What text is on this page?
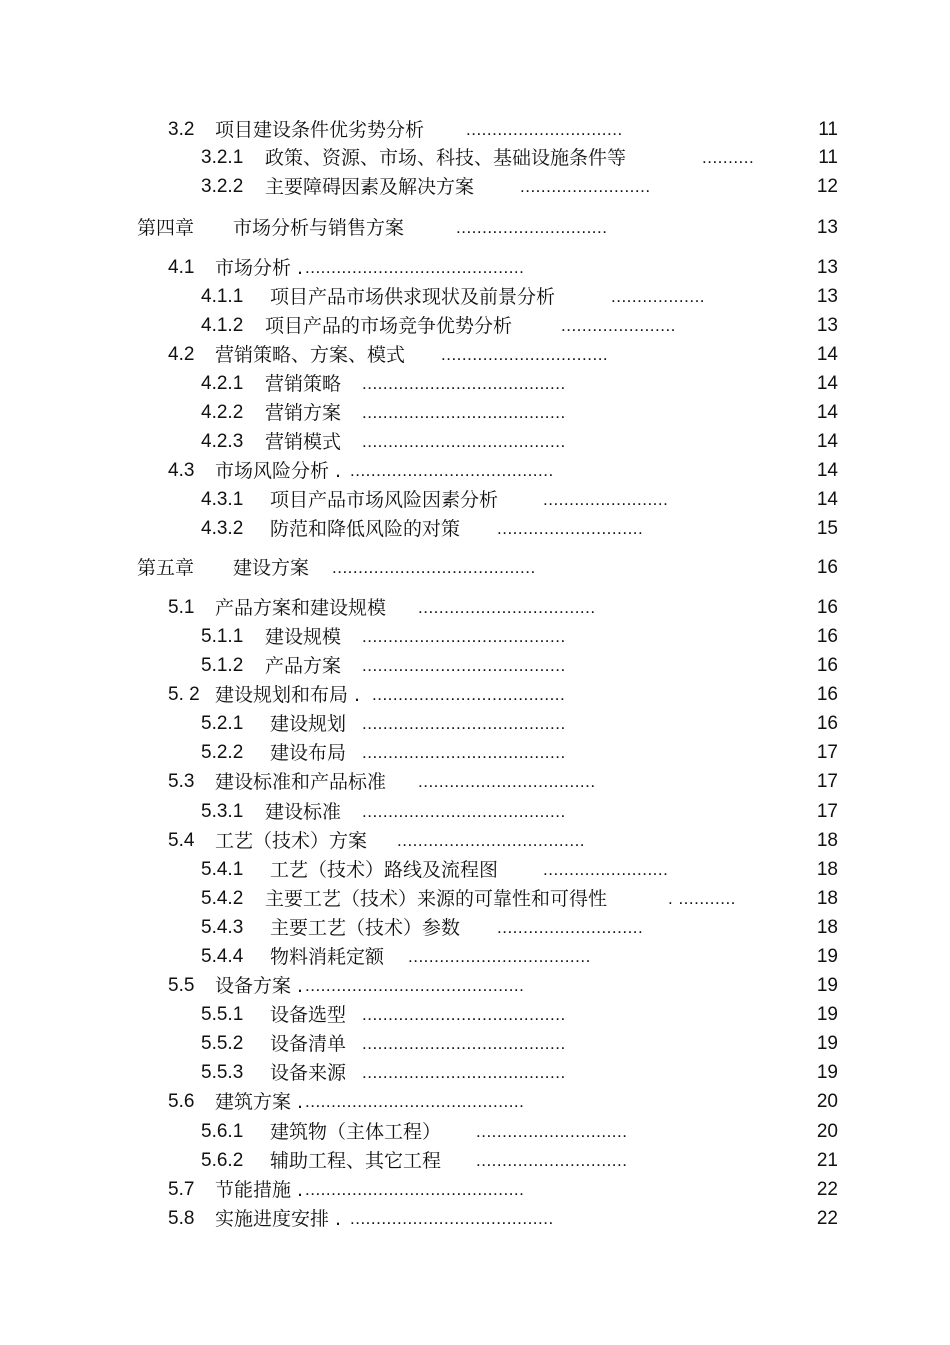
3.2 项目建设条件优劣势分析 ..............................	11
3.2.1 政策、资源、市场、科技、基础设施条件等	..........	11
3.2.2 主要障碍因素及解决方案	.........................	12
第四章 市场分析与销售方案	.............................	13
4.1 市场分析 . ..........................................	13
4.1.1 项目产品市场供求现状及前景分析	..................	13
4.1.2 项目产品的市场竞争优势分析	......................	13
4.2 营销策略、方案、模式 ................................	14
4.2.1 营销策略 .......................................	14
4.2.2 营销方案 .......................................	14
4.2.3 营销模式 .......................................	14
4.3 市场风险分析 . .......................................	14
4.3.1 项目产品市场风险因素分析	........................	14
4.3.2 防范和降低风险的对策 ............................	15
第五章 建设方案 .......................................	16
5.1 产品方案和建设规模 ..................................	16
5.1.1 建设规模 .......................................	16
5.1.2 产品方案 .......................................	16
5. 2 建设规划和布局 . .....................................	16
5.2.1 建设规划 .......................................	16
5.2.2 建设布局 .......................................	17
5.3 建设标准和产品标准 ..................................	17
5.3.1 建设标准 .......................................	17
5.4 工艺（技术）方案 ....................................	18
5.4.1 工艺（技术）路线及流程图	........................	18
5.4.2 主要工艺（技术）来源的可靠性和可得性	. ...........	18
5.4.3 主要工艺（技术）参数 ............................	18
5.4.4 物料消耗定额 ...................................	19
5.5 设备方案 . ..........................................	19
5.5.1 设备选型 .......................................	19
5.5.2 设备清单 .......................................	19
5.5.3 设备来源 .......................................	19
5.6 建筑方案 . ..........................................	20
5.6.1 建筑物（主体工程） .............................	20
5.6.2 辅助工程、其它工程 .............................	21
5.7 节能措施 . ..........................................	22
5.8 实施进度安排 . .......................................	22
